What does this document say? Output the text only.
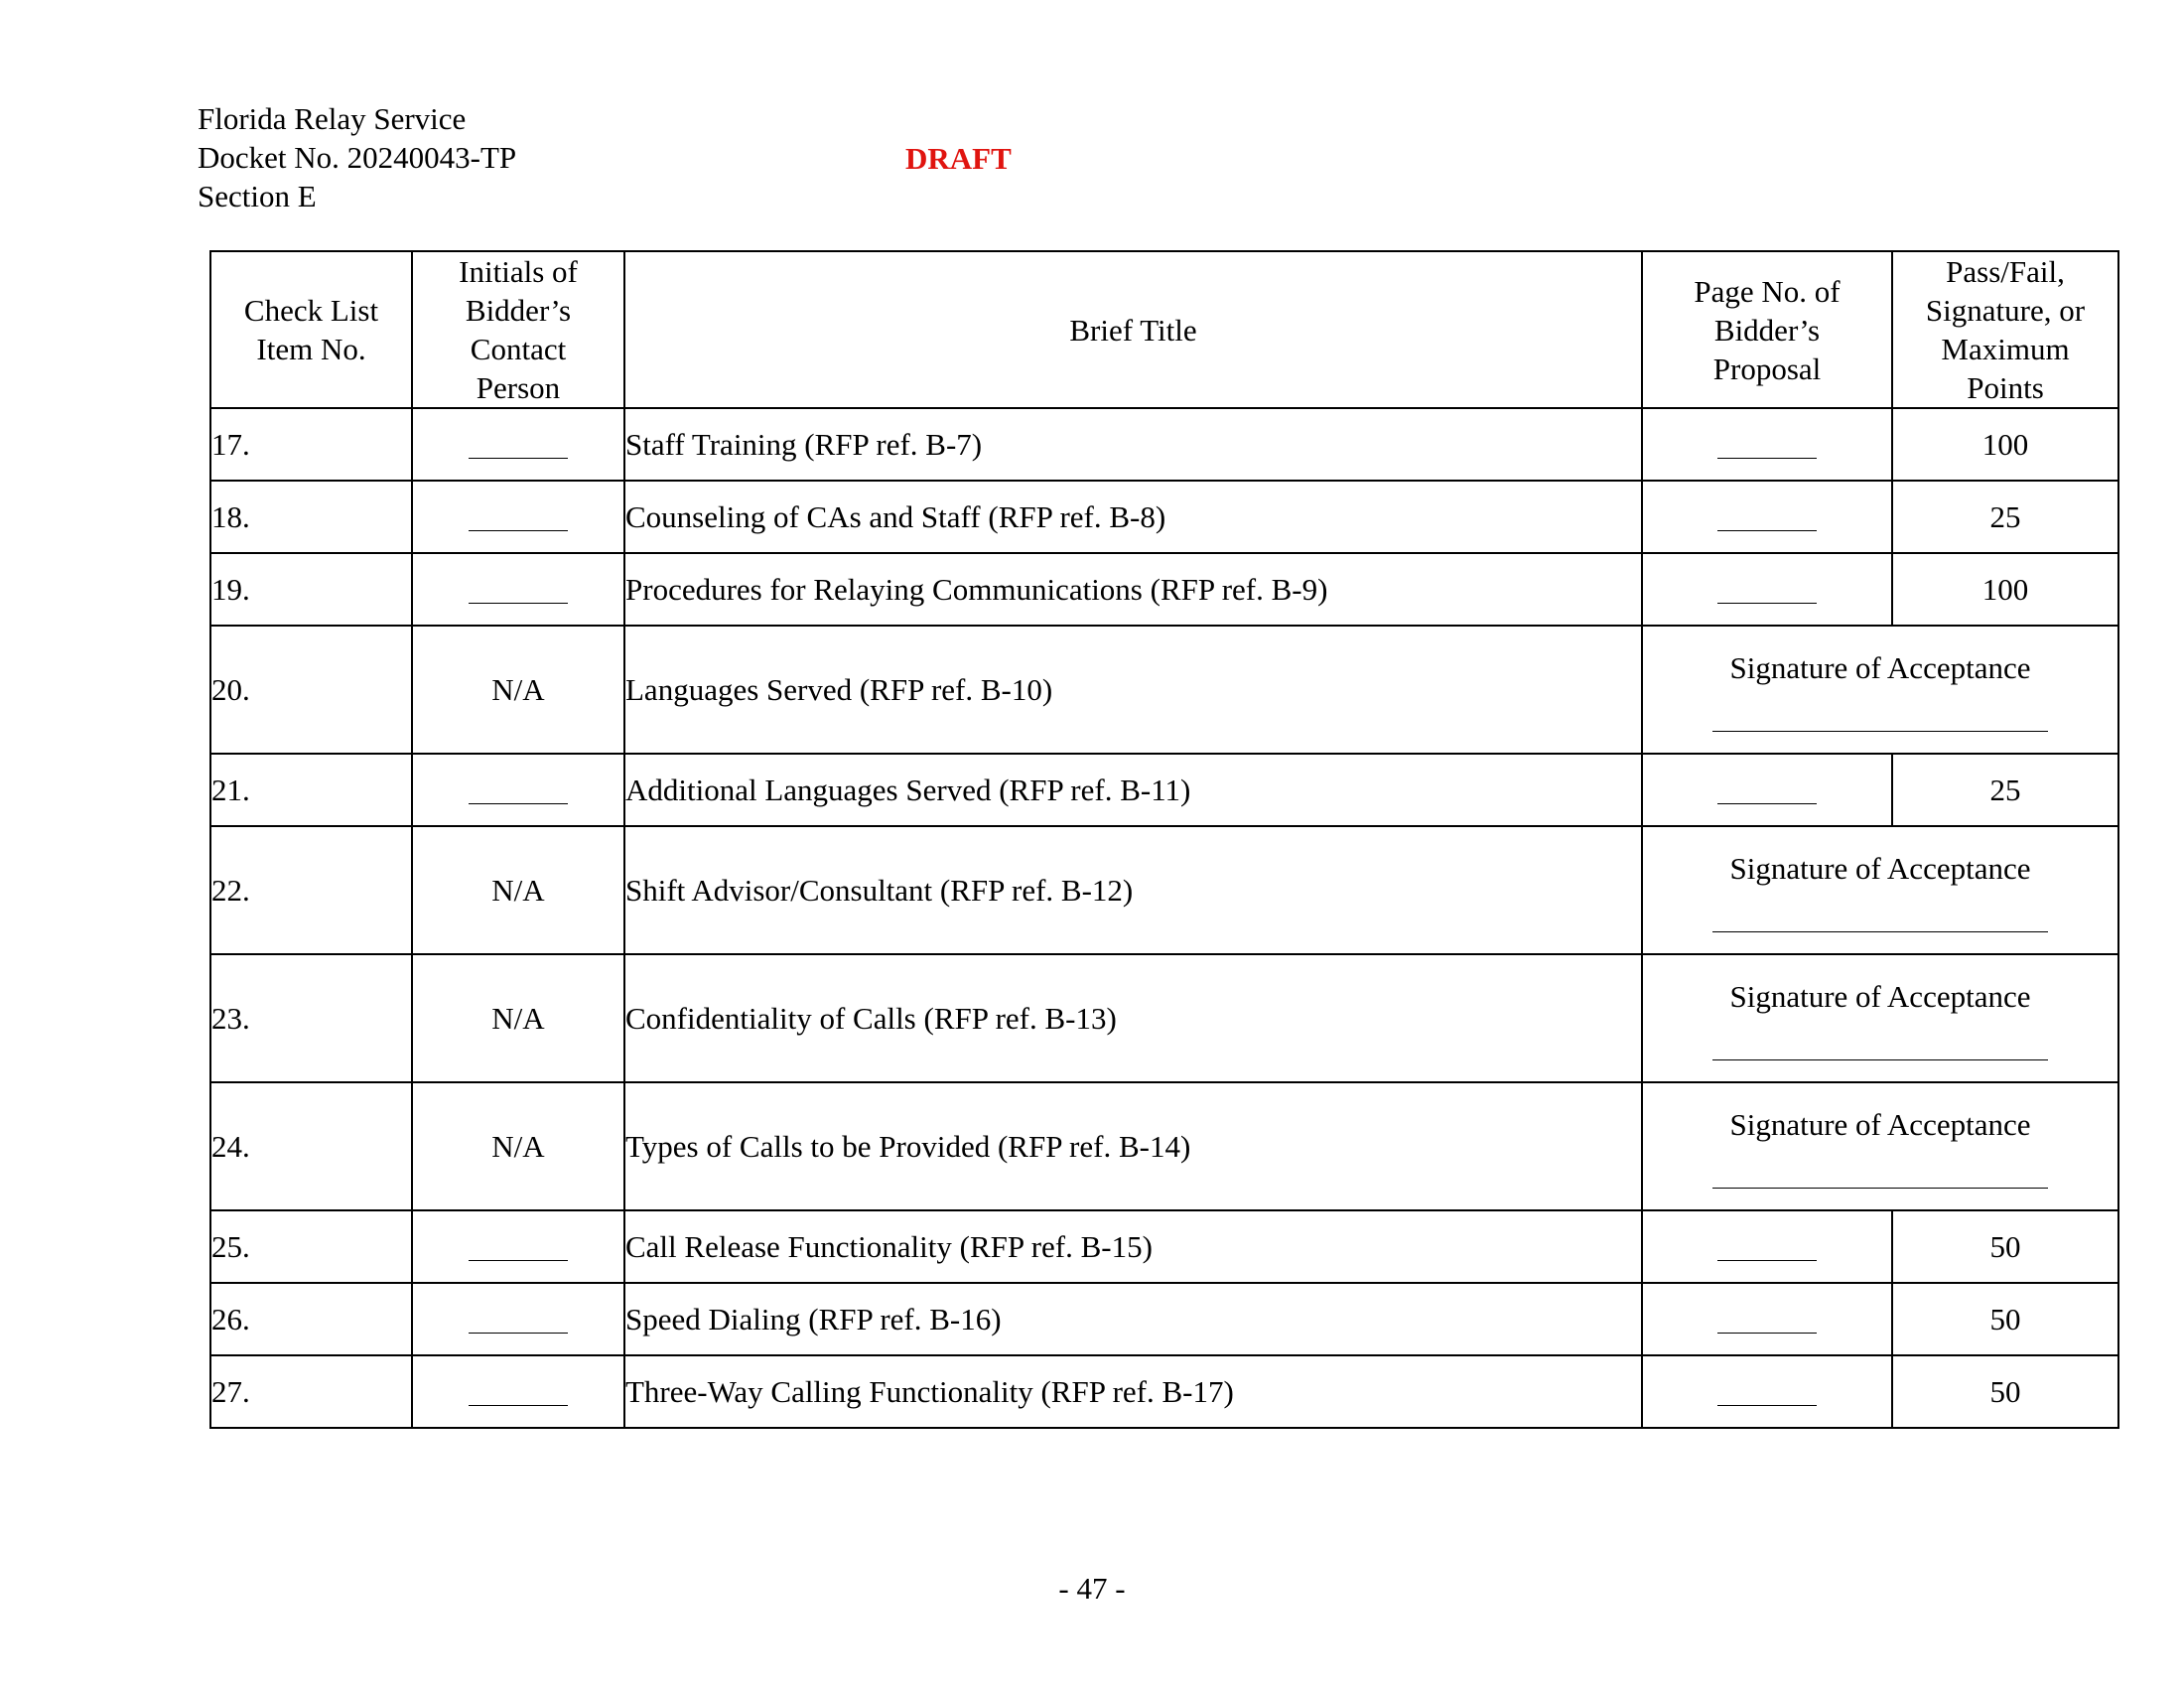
Florida Relay Service
Docket No. 20240043-TP
Section E
DRAFT
Check List Item No.	Initials of Bidder’s Contact Person	Brief Title	Page No. of Bidder’s Proposal	Pass/Fail, Signature, or Maximum Points

17.		Staff Training (RFP ref. B-7)		100
18.		Counseling of CAs and Staff (RFP ref. B-8)		25
19.		Procedures for Relaying Communications (RFP ref. B-9)		100
20.	N/A	Languages Served (RFP ref. B-10)	Signature of Acceptance	

21.		Additional Languages Served (RFP ref. B-11)		25
22.	N/A	Shift Advisor/Consultant (RFP ref. B-12)	Signature of Acceptance	

23.	N/A	Confidentiality of Calls (RFP ref. B-13)	Signature of Acceptance	

24.	N/A	Types of Calls to be Provided (RFP ref. B-14)	Signature of Acceptance	

25.		Call Release Functionality (RFP ref. B-15)		50
26.		Speed Dialing (RFP ref. B-16)		50
27.		Three-Way Calling Functionality (RFP ref. B-17)		50
- 47 -
